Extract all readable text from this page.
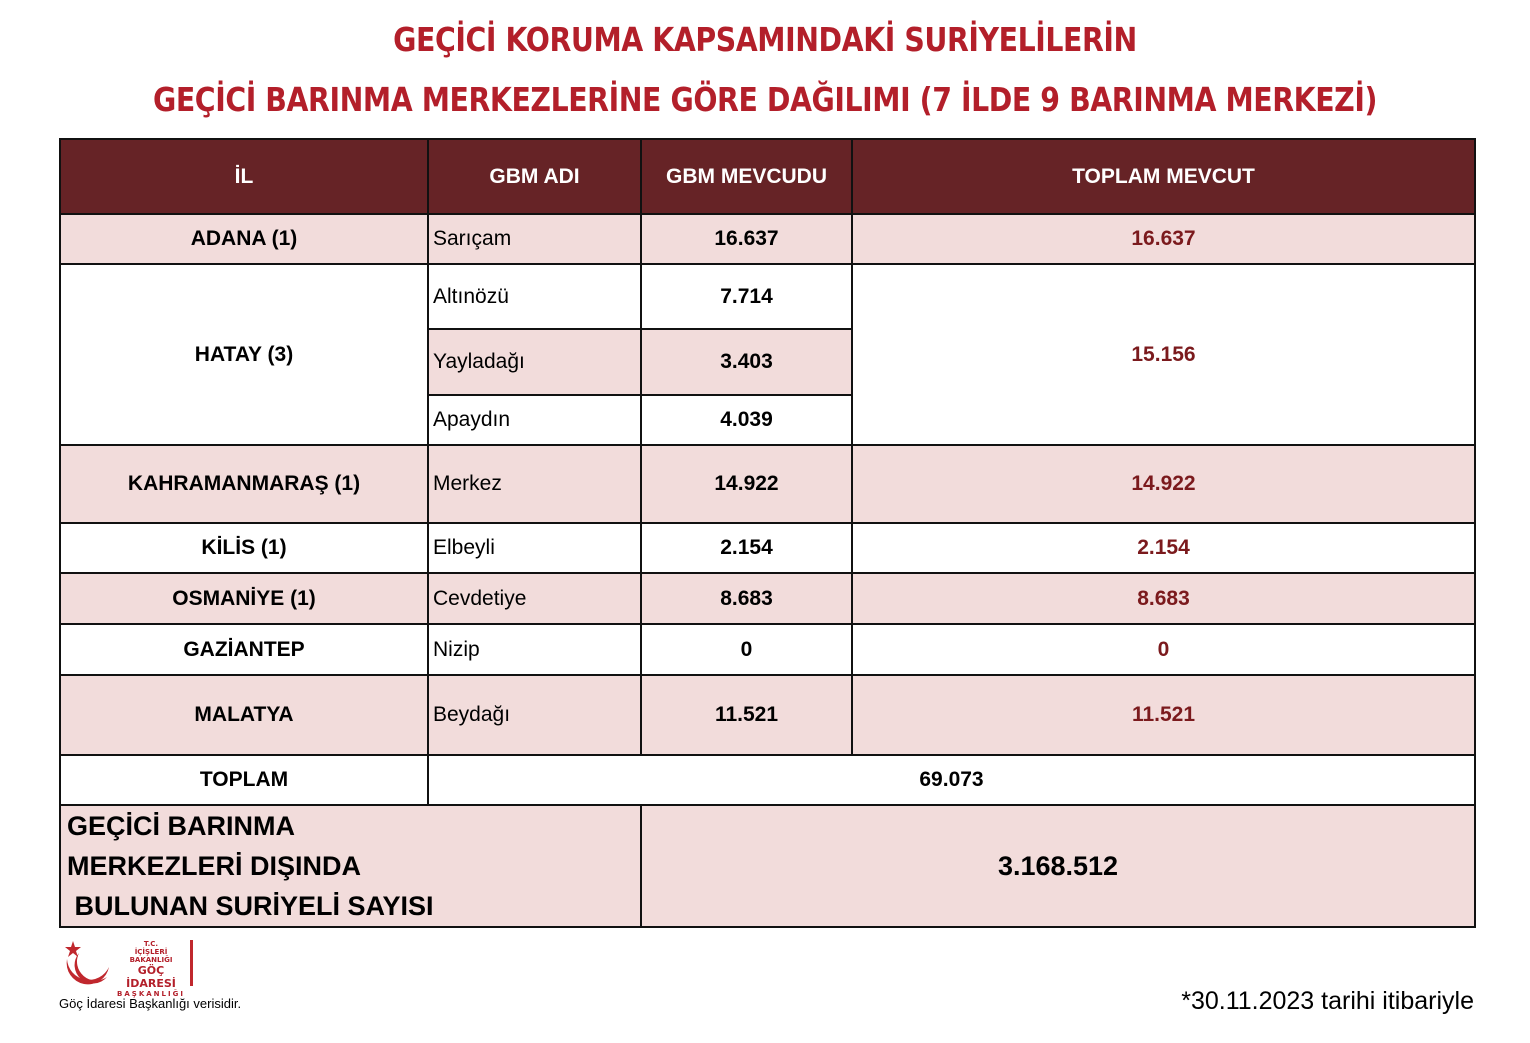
GEÇİCİ KORUMA KAPSAMINDAKİ SURİYELİLERİN
GEÇİCİ BARINMA MERKEZLERİNE GÖRE DAĞILIMI (7 İLDE 9 BARINMA MERKEZİ)
İL	GBM ADI	GBM MEVCUDU	TOPLAM MEVCUT
ADANA (1)	Sarıçam	16.637	16.637
HATAY (3)	Altınözü	7.714	15.156
	Yayladağı	3.403	
	Apaydın	4.039	
KAHRAMANMARAŞ (1)	Merkez	14.922	14.922
KİLİS (1)	Elbeyli	2.154	2.154
OSMANİYE (1)	Cevdetiye	8.683	8.683
GAZİANTEP	Nizip	0	0
MALATYA	Beydağı	11.521	11.521
TOPLAM	69.073		

GEÇİCİ BARINMA
MERKEZLERİ DIŞINDA
BULUNAN SURİYELİ SAYISI		3.168.512	
T.C.
İÇİŞLERİ BAKANLIĞI
GÖÇ İDARESİ
BAŞKANLIĞI
Göç İdaresi Başkanlığı verisidir.	*30.11.2023 tarihi itibariyle
